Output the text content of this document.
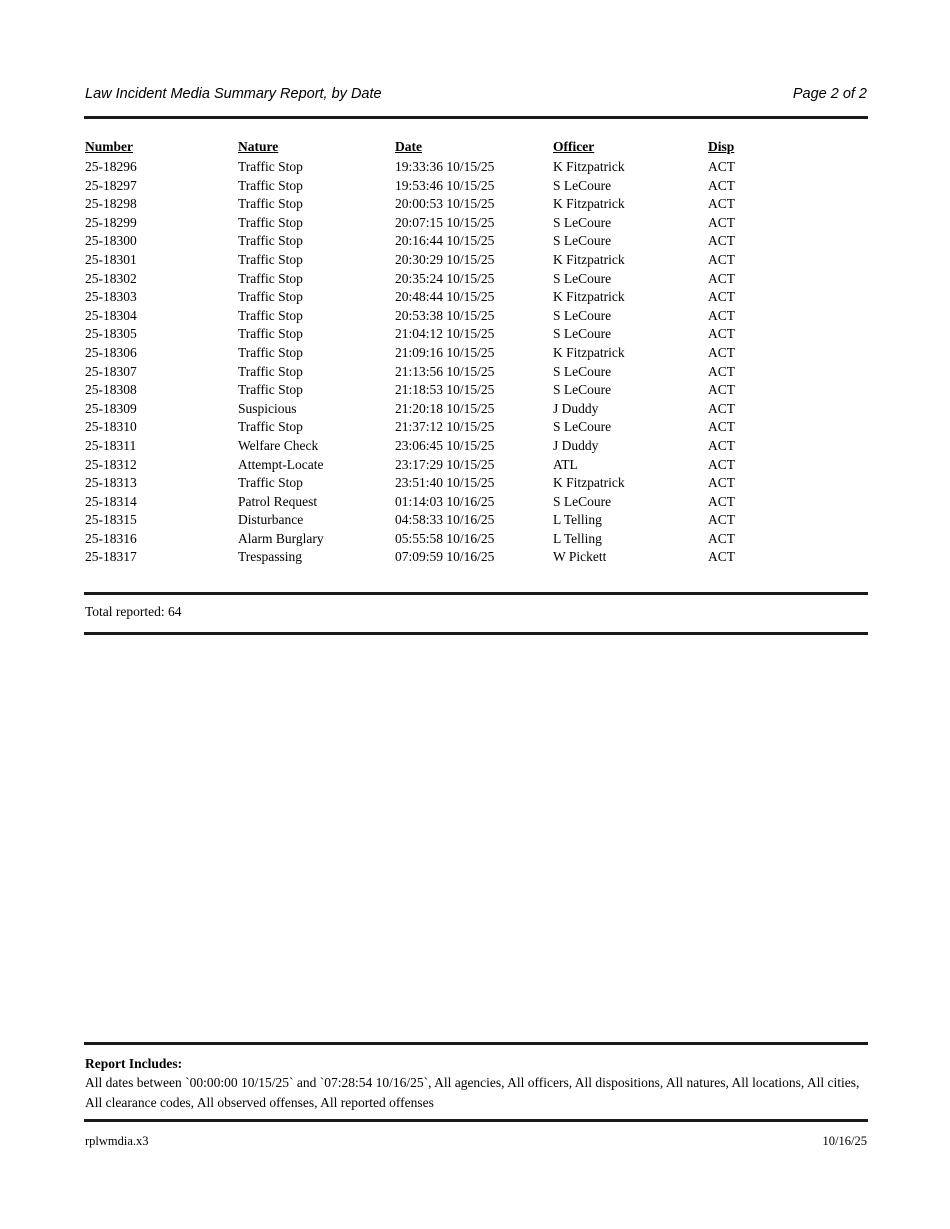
Law Incident Media Summary Report, by Date	Page 2 of 2
Number	Nature	Date	Officer	Disp
25-18296	Traffic Stop	19:33:36 10/15/25	K Fitzpatrick	ACT
25-18297	Traffic Stop	19:53:46 10/15/25	S LeCoure	ACT
25-18298	Traffic Stop	20:00:53 10/15/25	K Fitzpatrick	ACT
25-18299	Traffic Stop	20:07:15 10/15/25	S LeCoure	ACT
25-18300	Traffic Stop	20:16:44 10/15/25	S LeCoure	ACT
25-18301	Traffic Stop	20:30:29 10/15/25	K Fitzpatrick	ACT
25-18302	Traffic Stop	20:35:24 10/15/25	S LeCoure	ACT
25-18303	Traffic Stop	20:48:44 10/15/25	K Fitzpatrick	ACT
25-18304	Traffic Stop	20:53:38 10/15/25	S LeCoure	ACT
25-18305	Traffic Stop	21:04:12 10/15/25	S LeCoure	ACT
25-18306	Traffic Stop	21:09:16 10/15/25	K Fitzpatrick	ACT
25-18307	Traffic Stop	21:13:56 10/15/25	S LeCoure	ACT
25-18308	Traffic Stop	21:18:53 10/15/25	S LeCoure	ACT
25-18309	Suspicious	21:20:18 10/15/25	J Duddy	ACT
25-18310	Traffic Stop	21:37:12 10/15/25	S LeCoure	ACT
25-18311	Welfare Check	23:06:45 10/15/25	J Duddy	ACT
25-18312	Attempt-Locate	23:17:29 10/15/25	ATL	ACT
25-18313	Traffic Stop	23:51:40 10/15/25	K Fitzpatrick	ACT
25-18314	Patrol Request	01:14:03 10/16/25	S LeCoure	ACT
25-18315	Disturbance	04:58:33 10/16/25	L Telling	ACT
25-18316	Alarm Burglary	05:55:58 10/16/25	L Telling	ACT
25-18317	Trespassing	07:09:59 10/16/25	W Pickett	ACT
Total reported: 64
Report Includes:
All dates between `00:00:00 10/15/25` and `07:28:54 10/16/25`, All agencies, All officers, All dispositions, All natures, All locations, All cities, All clearance codes, All observed offenses, All reported offenses
rplwmdia.x3	10/16/25
